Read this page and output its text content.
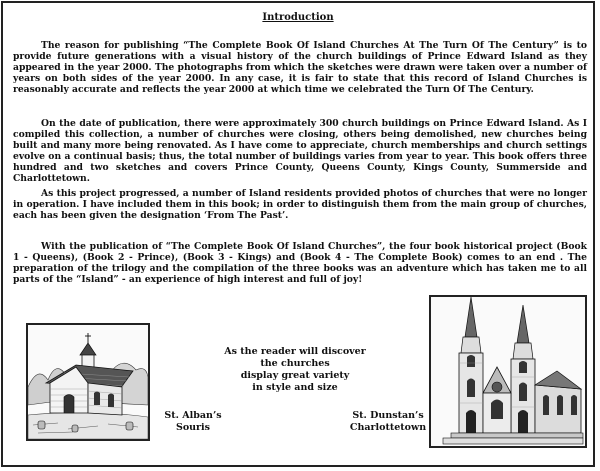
Introduction

The reason for publishing “The Complete Book Of Island Churches At The Turn Of The Century” is to provide future generations with a visual history of the church buildings of Prince Edward Island as they appeared in the year 2000. The photographs from which the sketches were drawn were taken over a number of years on both sides of the year 2000. In any case, it is fair to state that this record of Island Churches is reasonably accurate and reflects the year 2000 at which time we celebrated the Turn Of The Century.

On the date of publication, there were approximately 300 church buildings on Prince Edward Island. As I compiled this collection, a number of churches were closing, others being demolished, new churches being built and many more being renovated. As I have come to appreciate, church memberships and church settings evolve on a continual basis; thus, the total number of buildings varies from year to year. This book offers three hundred and two sketches and covers Prince County, Queens County, Kings County, Summerside and Charlottetown.

As this project progressed, a number of Island residents provided photos of churches that were no longer in operation. I have included them in this book; in order to distinguish them from the main group of churches, each has been given the designation ‘From The Past’.

With the publication of “The Complete Book Of Island Churches”, the four book historical project (Book 1 - Queens), (Book 2 - Prince), (Book 3 - Kings) and (Book 4 - The Complete Book) comes to an end . The preparation of the trilogy and the compilation of the three books was an adventure which has taken me to all parts of the “Island” - an experience of high interest and full of joy!

As the reader will discover
the churches
display great variety
in style and size
St. Alban’s
Souris
St. Dunstan’s
Charlottetown
